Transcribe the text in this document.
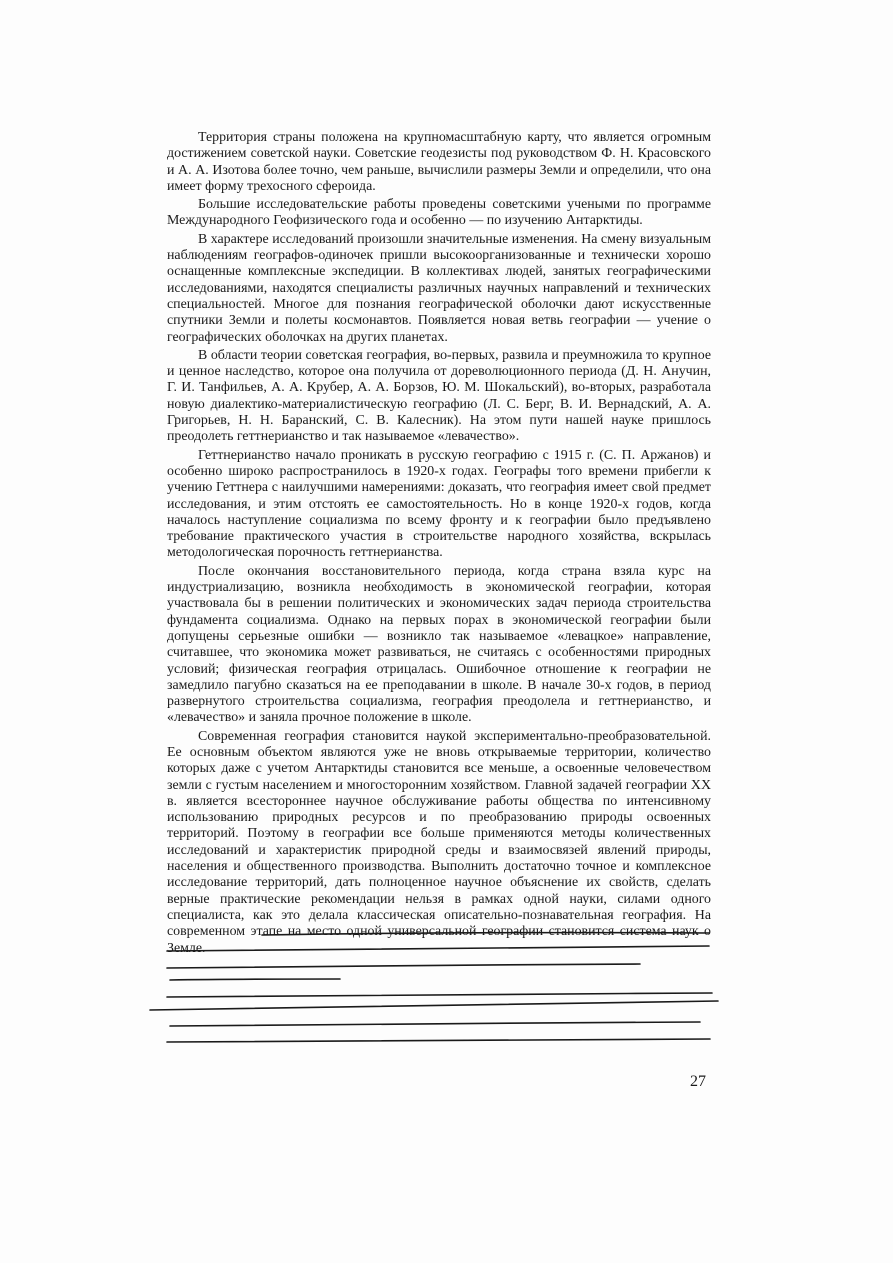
Территория страны положена на крупномасштабную карту, что является огромным достижением советской науки. Советские геодезисты под руководством Ф. Н. Красовского и А. А. Изотова более точно, чем раньше, вычислили размеры Земли и определили, что она имеет форму трехосного сфероида.

Большие исследовательские работы проведены советскими учеными по программе Международного Геофизического года и особенно — по изучению Антарктиды.

В характере исследований произошли значительные изменения. На смену визуальным наблюдениям географов-одиночек пришли высокоорганизованные и технически хорошо оснащенные комплексные экспедиции. В коллективах людей, занятых географическими исследованиями, находятся специалисты различных научных направлений и технических специальностей. Многое для познания географической оболочки дают искусственные спутники Земли и полеты космонавтов. Появляется новая ветвь географии — учение о географических оболочках на других планетах.

В области теории советская география, во-первых, развила и преумножила то крупное и ценное наследство, которое она получила от дореволюционного периода (Д. Н. Анучин, Г. И. Танфильев, А. А. Крубер, А. А. Борзов, Ю. М. Шокальский), во-вторых, разработала новую диалектико-материалистическую географию (Л. С. Берг, В. И. Вернадский, А. А. Григорьев, Н. Н. Баранский, С. В. Калесник). На этом пути нашей науке пришлось преодолеть геттнерианство и так называемое «левачество».

Геттнерианство начало проникать в русскую географию с 1915 г. (С. П. Аржанов) и особенно широко распространилось в 1920-х годах. Географы того времени прибегли к учению Геттнера с наилучшими намерениями: доказать, что география имеет свой предмет исследования, и этим отстоять ее самостоятельность. Но в конце 1920-х годов, когда началось наступление социализма по всему фронту и к географии было предъявлено требование практического участия в строительстве народного хозяйства, вскрылась методологическая порочность геттнерианства.

После окончания восстановительного периода, когда страна взяла курс на индустриализацию, возникла необходимость в экономической географии, которая участвовала бы в решении политических и экономических задач периода строительства фундамента социализма. Однако на первых порах в экономической географии были допущены серьезные ошибки — возникло так называемое «левацкое» направление, считавшее, что экономика может развиваться, не считаясь с особенностями природных условий; физическая география отрицалась. Ошибочное отношение к географии не замедлило пагубно сказаться на ее преподавании в школе. В начале 30-х годов, в период развернутого строительства социализма, география преодолела и геттнерианство, и «левачество» и заняла прочное положение в школе.

Современная география становится наукой экспериментально-преобразовательной. Ее основным объектом являются уже не вновь открываемые территории, количество которых даже с учетом Антарктиды становится все меньше, а освоенные человечеством земли с густым населением и многосторонним хозяйством. Главной задачей географии XX в. является всестороннее научное обслуживание работы общества по интенсивному использованию природных ресурсов и по преобразованию природы освоенных территорий. Поэтому в географии все больше применяются методы количественных исследований и характеристик природной среды и взаимосвязей явлений природы, населения и общественного производства. Выполнить достаточно точное и комплексное исследование территорий, дать полноценное научное объяснение их свойств, сделать верные практические рекомендации нельзя в рамках одной науки, силами одного специалиста, как это делала классическая описательно-познавательная география. На современном этапе на место одной универсальной географии становится система наук о Земле.

27
